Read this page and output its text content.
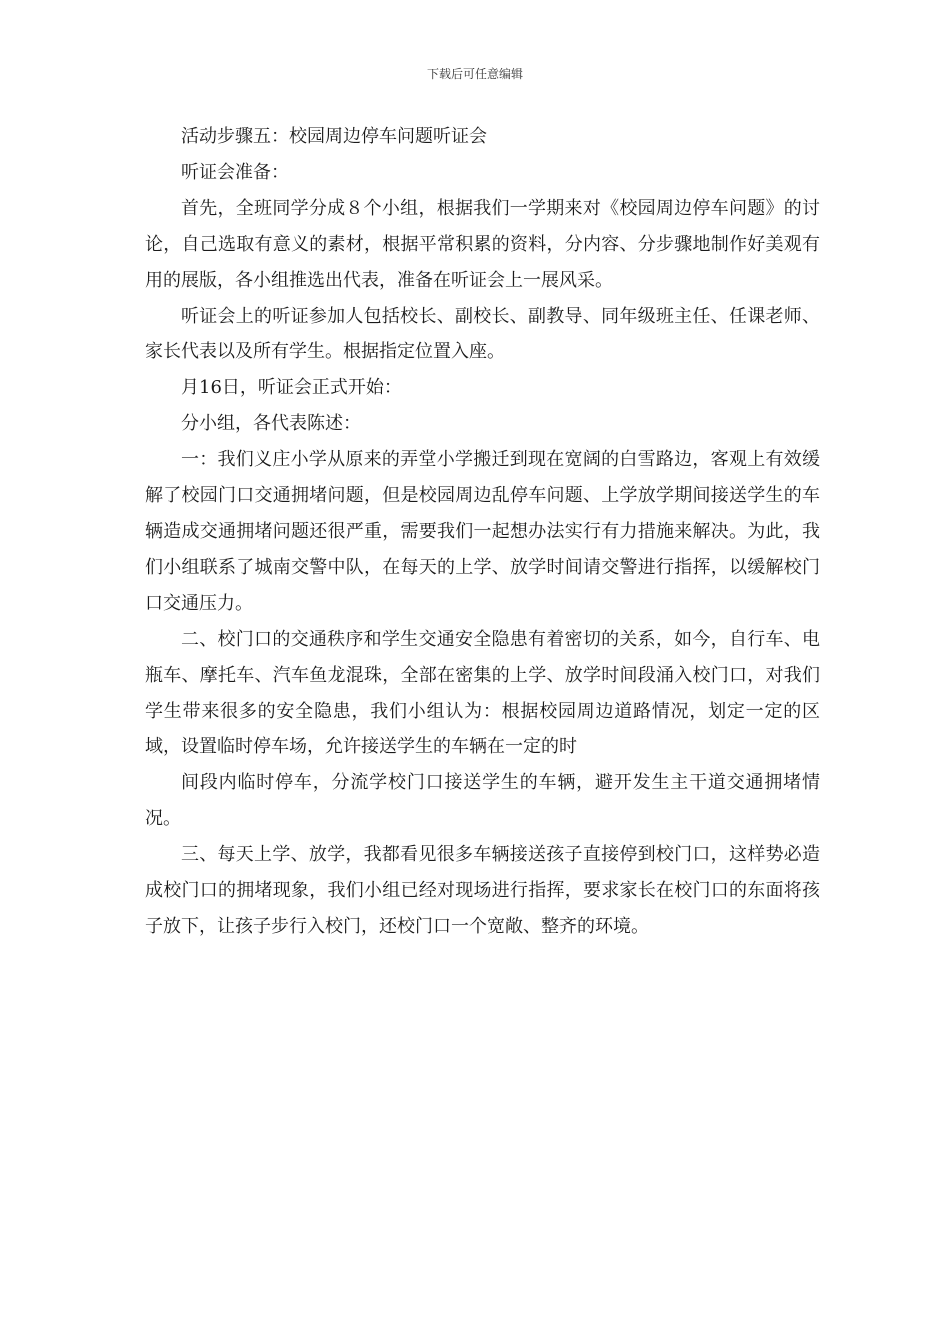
下载后可任意编辑

活动步骤五：校园周边停车问题听证会

听证会准备：

首先，全班同学分成８个小组，根据我们一学期来对《校园周边停车问题》的讨论，自己选取有意义的素材，根据平常积累的资料，分内容、分步骤地制作好美观有用的展版，各小组推选出代表，准备在听证会上一展风采。

听证会上的听证参加人包括校长、副校长、副教导、同年级班主任、任课老师、家长代表以及所有学生。根据指定位置入座。

月16日，听证会正式开始：

分小组，各代表陈述：

一：我们义庄小学从原来的弄堂小学搬迁到现在宽阔的白雪路边，客观上有效缓解了校园门口交通拥堵问题，但是校园周边乱停车问题、上学放学期间接送学生的车辆造成交通拥堵问题还很严重，需要我们一起想办法实行有力措施来解决。为此，我们小组联系了城南交警中队，在每天的上学、放学时间请交警进行指挥，以缓解校门口交通压力。

二、校门口的交通秩序和学生交通安全隐患有着密切的关系，如今，自行车、电瓶车、摩托车、汽车鱼龙混珠，全部在密集的上学、放学时间段涌入校门口，对我们学生带来很多的安全隐患，我们小组认为：根据校园周边道路情况，划定一定的区域，设置临时停车场，允许接送学生的车辆在一定的时

间段内临时停车，分流学校门口接送学生的车辆，避开发生主干道交通拥堵情况。

三、每天上学、放学，我都看见很多车辆接送孩子直接停到校门口，这样势必造成校门口的拥堵现象，我们小组已经对现场进行指挥，要求家长在校门口的东面将孩子放下，让孩子步行入校门，还校门口一个宽敞、整齐的环境。
